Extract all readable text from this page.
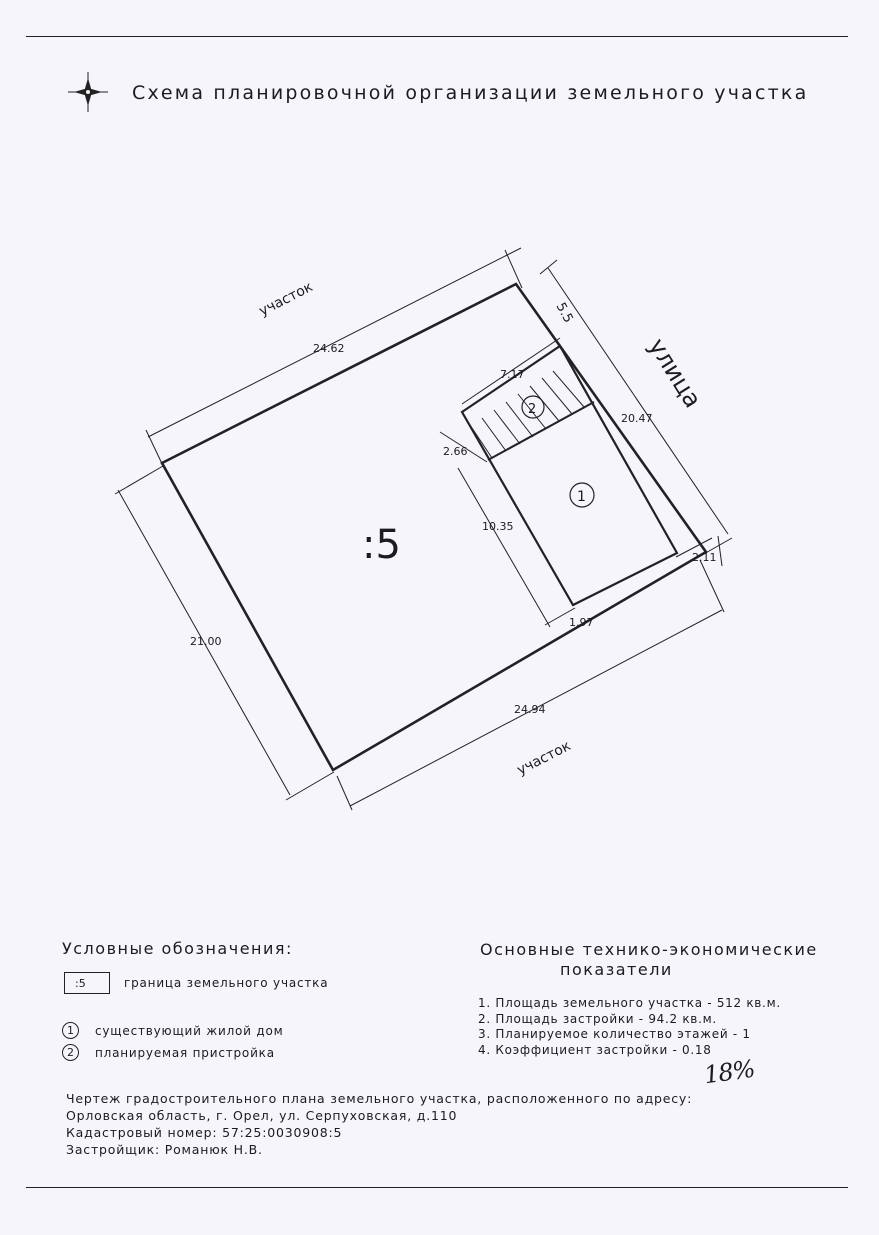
Схема планировочной организации земельного участка
:5
участок
участок
улица
1
2
24.62
21.00
24.94
20.47
5.5
7.17
2.66
10.35
1.97
2.11
Условные обозначения:
:5	граница земельного участка
1	существующий жилой дом
2	планируемая пристройка
Основные технико-экономические
показатели
1. Площадь земельного участка - 512 кв.м.
2. Площадь застройки - 94.2 кв.м.
3. Планируемое количество этажей - 1
4. Коэффициент застройки - 0.18
18%
Чертеж градостроительного плана земельного участка, расположенного по адресу:
Орловская область, г. Орел, ул. Серпуховская, д.110
Кадастровый номер: 57:25:0030908:5
Застройщик: Романюк Н.В.
